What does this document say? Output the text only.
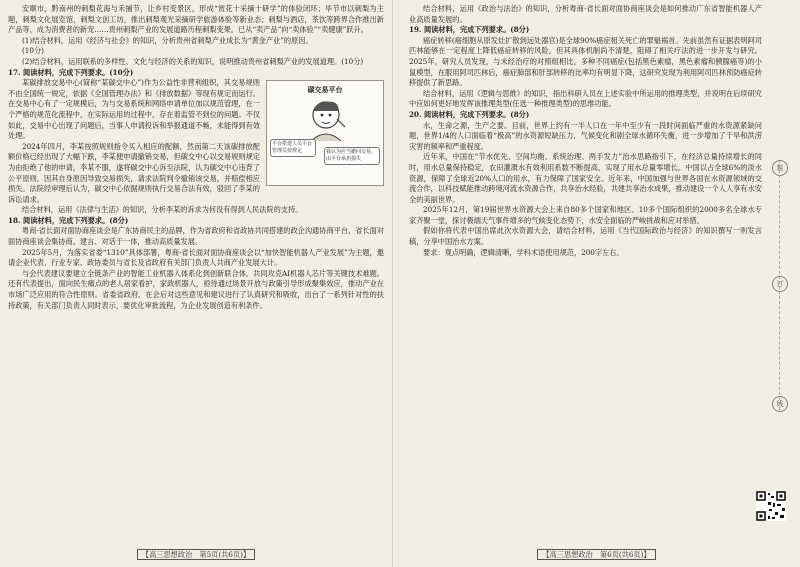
安顺市，黔南州的刺梨花海与禾捕节，让乡村变景区，形成“赏花十采摘十研学”的体验闭环；毕节市以刺梨为主题，刺梨文化展览馆，刺梨文创工坊，推出刺梨观光采摘研学旅游体验等新业态；刺梨与酒店，茶饮等跨界合作推出新产品等，成为消费者的新宠……贵州刺梨产业的发展道路历程刺梨变果，已从“卖产品”向“卖体验”“卖健康”跃升。

(1)结合材料，运用《经济与社会》的知识，分析贵州省刺梨产业成长为“黄金产业”的原因。

(10分)

(2)结合材料，运用联系的多样性、文化与经济的关系的知识，说明推动贵州省刺梨产业的发展道理。(10分)

17. 阅读材料，完成下列要求。(10分)

碳交易平台
平台搭建人员平台管理员按规定	我认为应当撤回交易，由平台承担损失

某碳排放交易中心(简称“某碳交中心”)作为公益性非营利组织，其交易规则不由全国统一规定，依据《全国管理办法》和《排放数据》等现有规定而运行。在交易中心有了一定规模后，为与交易系统和网络申请单位加以规范管理，在一个严格的规范化流程中，在实际运用的过程中，存在着监管不到位的问题。不仅如此，交易中心出现了问题后，当事人申请投诉和举报通道不畅，未能得到有效处理。

2024年四月，李某按照规则指令买入相应的配额，然而第二天该碳排放配额价格已经出现了大幅下跌，李某便申请撤销交易，但碳交中心以交易规则规定为由拒绝了他的申请，李某不服，遂将碳交中心诉至法院，认为碳交中心违背了公平原则，因其自身原因导致交易损失，请求法院判令撤销该交易，并赔偿相应损失。法院经审理后认为，碳交中心依据规则执行交易合法有效，驳回了李某的诉讼请求。

结合材料，运用《法律与生活》的知识，分析李某的诉求为何没有得到人民法院的支持。

18. 阅读材料，完成下列要求。(8分)

粤商·省长面对面协商座谈会是广东协商民主的品牌，作为省政府和省政协共同搭建的政企沟通协商平台，省长面对面协商座谈会集协商、建言、对话于一体，推动高质量发展。

2025年5月，为落实省委“1310”具体部署，粤商·省长面对面协商座谈会以“加快智能机器人产业发展”为主题，邀请企业代表、行业专家、政协委员与省长及省政府有关部门负责人共商产业发展大计。

与会代表建议要建立全链条产业的智能工业机器人体系化到创新联合体，共同攻克AI机器人芯片等关键技术难题。还有代表提出，面向民生痛点的老人居家看护，家政机器人，亟待通过场景开放与政策引导形成聚集效应，推动产业在市场广泛应用的符合性原则。省委省政府，在会后对这些意见和建议进行了认真研究和吸收，出台了一系列针对性的扶持政策，有关部门负责人同时表示，要优化审批流程，为企业发展创造有利条件。

【高三思想政治　第5页(共6页)】

结合材料，运用《政治与法治》的知识，分析粤商·省长面对面协商座谈会是如何推动广东省智能机器人产业高质量发展的。

19. 阅读材料，完成下列要求。(8分)

癌症转移(癌细胞从原发灶扩散到远处器官)是全球90%癌症相关死亡的罪魁祸首。先前虽然有证据表明阿司匹林能够在一定程度上降低癌症转移的风险，但其具体机制尚不清楚，阻碍了相关疗法的进一步开发与研究。2025年，研究人员发现，与未经治疗的对照组相比，多种不同癌症(包括黑色素瘤，黑色素瘤和胰腺癌等)的小鼠模型，在服用阿司匹林后，癌症肺部和肝部转移的比率均有明显下降，这研究发现为利用阿司匹林预防癌症转移提供了新思路。

结合材料，运用《逻辑与思维》的知识，指出科研人员在上述实验中所运用的推理类型，并说明在后续研究中应如何更好地发挥该推理类型(任选一种推理类型)的思维功能。

20. 阅读材料，完成下列要求。(8分)

水，生命之源，生产之要。目前，世界上约有一半人口在一年中至少有一段时间面临严重的水资源紧缺问题，世界1/4的人口面临着“极高”的水资源短缺压力，气候变化和剧全球水循环失衡，进一步增加了干旱和洪涝灾害的频率和严重程度。

近年来，中国在“节水优先、空间均衡、系统治理、两手发力”治水思路指引下，在经济总量持续增长的同时，用水总量保持稳定，农田灌溉水有效利用系数不断提高，实现了用水总量零增长。中国以占全球6%的淡水资源，保障了全球近20%人口的用水，有力保障了国家安全。近年来，中国加强与世界各国在水资源领域的交流合作，以科技赋能推动跨境河流水资源合作，共享治水经验，共建共享治水成果，推动建设一个人人享有水安全的美丽世界。

2025年12月，第19届世界水资源大会上来自80多个国家和地区、10多个国际组织的2000多名全球水专家齐聚一堂，探讨极端天气事件增多的气候变化态势下，水安全面临的严峻挑战和应对举措。

假如你将代表中国出席此次水资源大会，请结合材料，运用《当代国际政治与经济》的知识撰写一则发言稿，分享中国治水方案。

要求：观点明确，逻辑清晰，学科术语使用规范，200字左右。

【高三思想政治　第6页(共6页)】
装
订
线
